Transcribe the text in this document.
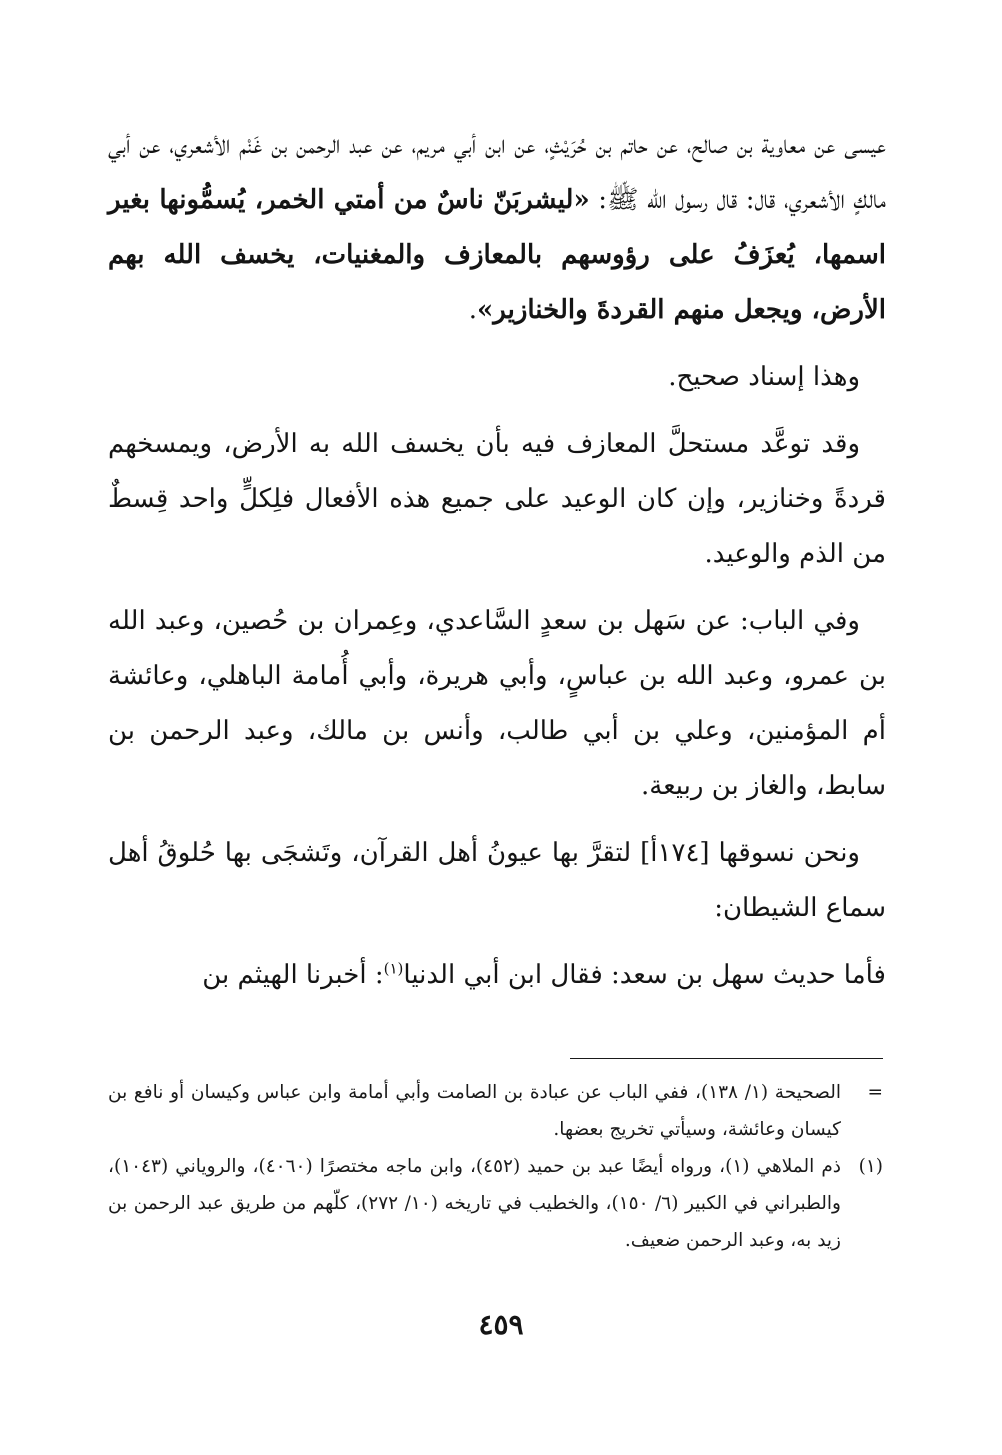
عيسى عن معاوية بن صالح، عن حاتم بن حُرَيْثٍ، عن ابن أبي مريم، عن عبد الرحمن بن غَنْم الأشعري، عن أبي مالكٍ الأشعري، قال: قال رسول الله ﷺ: «ليشربَنّ ناسٌ من أمتي الخمر، يُسمُّونها بغير اسمها، يُعزَفُ على رؤوسهم بالمعازف والمغنيات، يخسف الله بهم الأرض، ويجعل منهم القردةَ والخنازير».

وهذا إسناد صحيح.

وقد توعَّد مستحلَّ المعازف فيه بأن يخسف الله به الأرض، ويمسخهم قردةً وخنازير، وإن كان الوعيد على جميع هذه الأفعال فلِكلٍّ واحد قِسطٌ من الذم والوعيد.

وفي الباب: عن سَهل بن سعدٍ السَّاعدي، وعِمران بن حُصين، وعبد الله بن عمرو، وعبد الله بن عباسٍ، وأبي هريرة، وأبي أُمامة الباهلي، وعائشة أم المؤمنين، وعلي بن أبي طالب، وأنس بن مالك، وعبد الرحمن بن سابط، والغاز بن ربيعة.

ونحن نسوقها [١٧٤أ] لتقرَّ بها عيونُ أهل القرآن، وتَشجَى بها حُلوقُ أهل سماع الشيطان:

فأما حديث سهل بن سعد: فقال ابن أبي الدنيا$^{(١)}$: أخبرنا الهيثم بن

=
الصحيحة (١/ ١٣٨)، ففي الباب عن عبادة بن الصامت وأبي أمامة وابن عباس وكيسان أو نافع بن كيسان وعائشة، وسيأتي تخريج بعضها.
(١)
ذم الملاهي (١)، ورواه أيضًا عبد بن حميد (٤٥٢)، وابن ماجه مختصرًا (٤٠٦٠)، والروياني (١٠٤٣)، والطبراني في الكبير (٦/ ١٥٠)، والخطيب في تاريخه (١٠/ ٢٧٢)، كلّهم من طريق عبد الرحمن بن زيد به، وعبد الرحمن ضعيف.
٤٥٩
